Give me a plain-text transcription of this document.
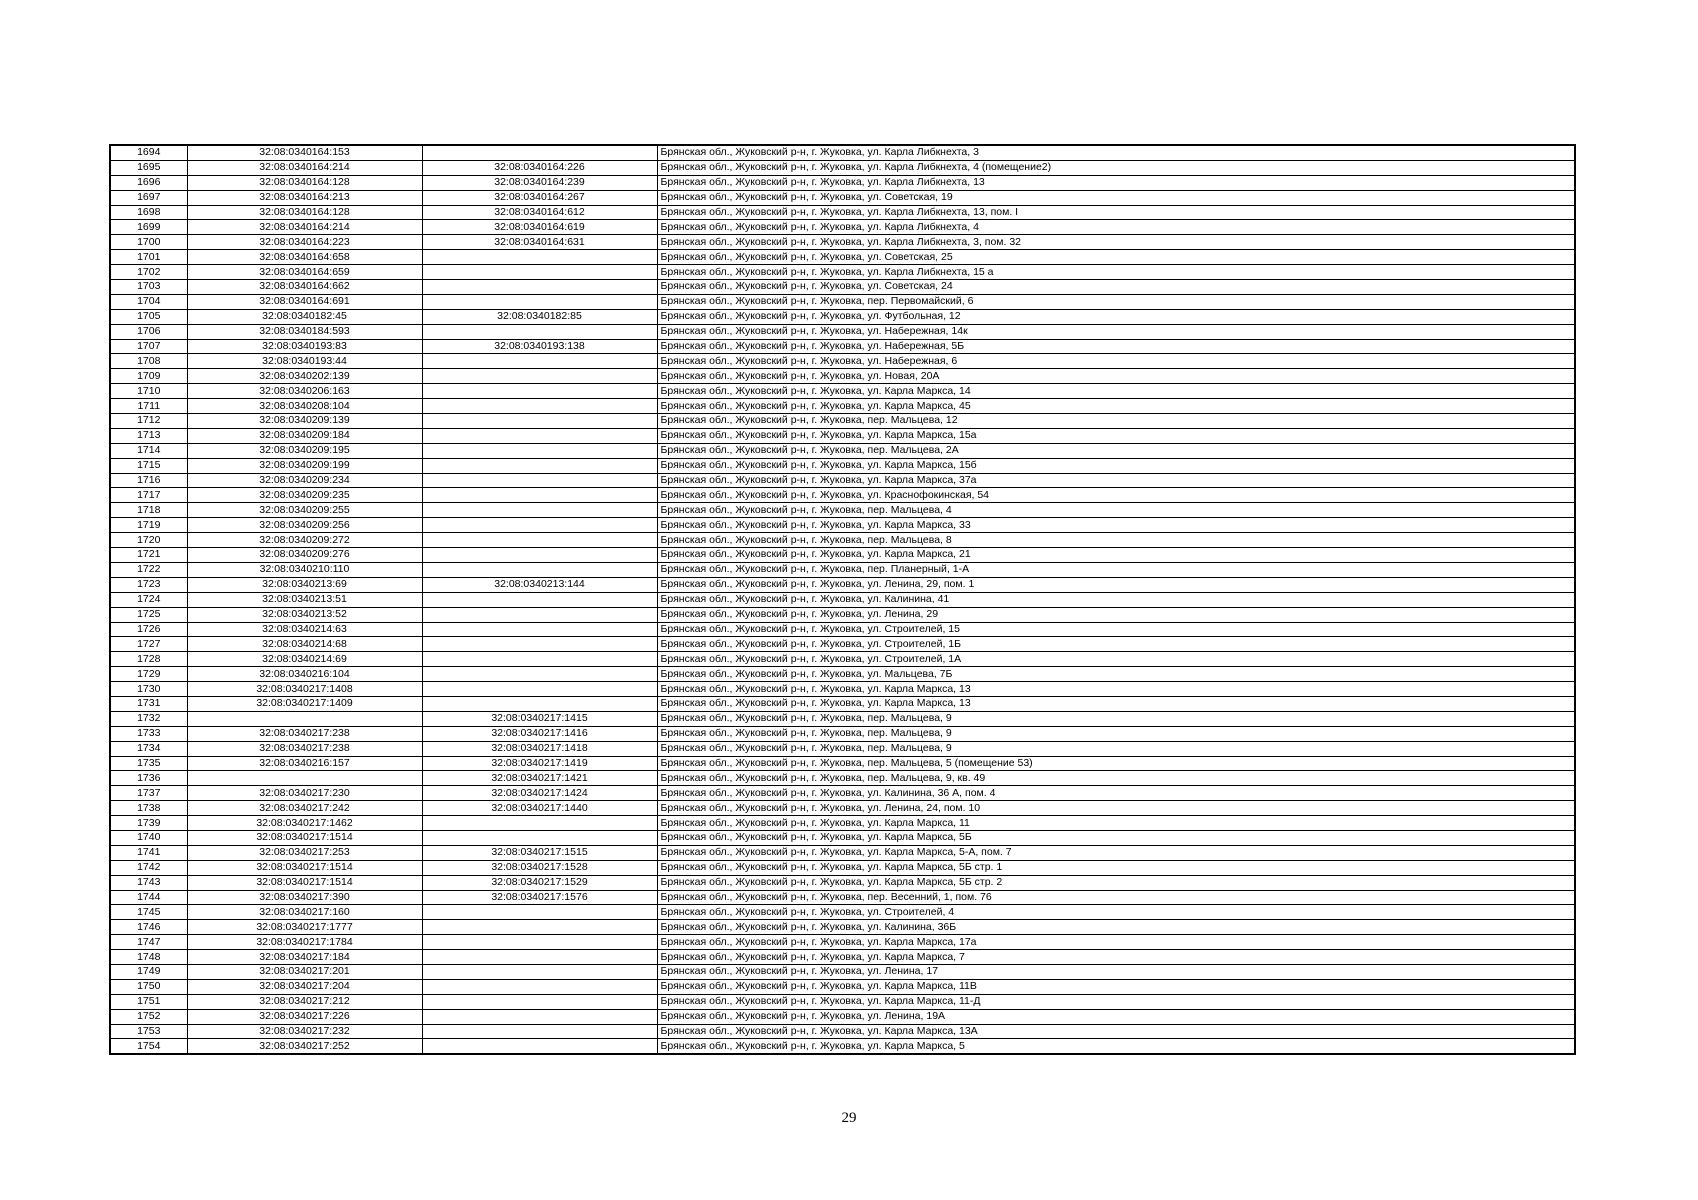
1694	32:08:0340164:153		Брянская обл., Жуковский р-н, г. Жуковка, ул. Карла Либкнехта, 3
1695	32:08:0340164:214	32:08:0340164:226	Брянская обл., Жуковский р-н, г. Жуковка, ул. Карла Либкнехта, 4 (помещение2)
1696	32:08:0340164:128	32:08:0340164:239	Брянская обл., Жуковский р-н, г. Жуковка, ул. Карла Либкнехта, 13
1697	32:08:0340164:213	32:08:0340164:267	Брянская обл., Жуковский р-н, г. Жуковка, ул. Советская, 19
1698	32:08:0340164:128	32:08:0340164:612	Брянская обл., Жуковский р-н, г. Жуковка, ул. Карла Либкнехта, 13, пом. I
1699	32:08:0340164:214	32:08:0340164:619	Брянская обл., Жуковский р-н, г. Жуковка, ул. Карла Либкнехта, 4
1700	32:08:0340164:223	32:08:0340164:631	Брянская обл., Жуковский р-н, г. Жуковка, ул. Карла Либкнехта, 3, пом. 32
1701	32:08:0340164:658		Брянская обл., Жуковский р-н, г. Жуковка, ул. Советская, 25
1702	32:08:0340164:659		Брянская обл., Жуковский р-н, г. Жуковка, ул. Карла Либкнехта, 15 а
1703	32:08:0340164:662		Брянская обл., Жуковский р-н, г. Жуковка, ул. Советская, 24
1704	32:08:0340164:691		Брянская обл., Жуковский р-н, г. Жуковка, пер. Первомайский, 6
1705	32:08:0340182:45	32:08:0340182:85	Брянская обл., Жуковский р-н, г. Жуковка, ул. Футбольная, 12
1706	32:08:0340184:593		Брянская обл., Жуковский р-н, г. Жуковка, ул. Набережная, 14к
1707	32:08:0340193:83	32:08:0340193:138	Брянская обл., Жуковский р-н, г. Жуковка, ул. Набережная, 5Б
1708	32:08:0340193:44		Брянская обл., Жуковский р-н, г. Жуковка, ул. Набережная, 6
1709	32:08:0340202:139		Брянская обл., Жуковский р-н, г. Жуковка, ул. Новая, 20А
1710	32:08:0340206:163		Брянская обл., Жуковский р-н, г. Жуковка, ул. Карла Маркса, 14
1711	32:08:0340208:104		Брянская обл., Жуковский р-н, г. Жуковка, ул. Карла Маркса, 45
1712	32:08:0340209:139		Брянская обл., Жуковский р-н, г. Жуковка, пер. Мальцева, 12
1713	32:08:0340209:184		Брянская обл., Жуковский р-н, г. Жуковка, ул. Карла Маркса, 15а
1714	32:08:0340209:195		Брянская обл., Жуковский р-н, г. Жуковка, пер. Мальцева, 2А
1715	32:08:0340209:199		Брянская обл., Жуковский р-н, г. Жуковка, ул. Карла Маркса, 15б
1716	32:08:0340209:234		Брянская обл., Жуковский р-н, г. Жуковка, ул. Карла Маркса, 37а
1717	32:08:0340209:235		Брянская обл., Жуковский р-н, г. Жуковка, ул. Краснофокинская, 54
1718	32:08:0340209:255		Брянская обл., Жуковский р-н, г. Жуковка, пер. Мальцева, 4
1719	32:08:0340209:256		Брянская обл., Жуковский р-н, г. Жуковка, ул. Карла Маркса, 33
1720	32:08:0340209:272		Брянская обл., Жуковский р-н, г. Жуковка, пер. Мальцева, 8
1721	32:08:0340209:276		Брянская обл., Жуковский р-н, г. Жуковка, ул. Карла Маркса, 21
1722	32:08:0340210:110		Брянская обл., Жуковский р-н, г. Жуковка, пер. Планерный, 1-А
1723	32:08:0340213:69	32:08:0340213:144	Брянская обл., Жуковский р-н, г. Жуковка, ул. Ленина, 29, пом. 1
1724	32:08:0340213:51		Брянская обл., Жуковский р-н, г. Жуковка, ул. Калинина, 41
1725	32:08:0340213:52		Брянская обл., Жуковский р-н, г. Жуковка, ул. Ленина, 29
1726	32:08:0340214:63		Брянская обл., Жуковский р-н, г. Жуковка, ул. Строителей, 15
1727	32:08:0340214:68		Брянская обл., Жуковский р-н, г. Жуковка, ул. Строителей, 1Б
1728	32:08:0340214:69		Брянская обл., Жуковский р-н, г. Жуковка, ул. Строителей, 1А
1729	32:08:0340216:104		Брянская обл., Жуковский р-н, г. Жуковка, ул. Мальцева, 7Б
1730	32:08:0340217:1408		Брянская обл., Жуковский р-н, г. Жуковка, ул. Карла Маркса, 13
1731	32:08:0340217:1409		Брянская обл., Жуковский р-н, г. Жуковка, ул. Карла Маркса, 13
1732		32:08:0340217:1415	Брянская обл., Жуковский р-н, г. Жуковка, пер. Мальцева, 9
1733	32:08:0340217:238	32:08:0340217:1416	Брянская обл., Жуковский р-н, г. Жуковка, пер. Мальцева, 9
1734	32:08:0340217:238	32:08:0340217:1418	Брянская обл., Жуковский р-н, г. Жуковка, пер. Мальцева, 9
1735	32:08:0340216:157	32:08:0340217:1419	Брянская обл., Жуковский р-н, г. Жуковка, пер. Мальцева, 5 (помещение 53)
1736		32:08:0340217:1421	Брянская обл., Жуковский р-н, г. Жуковка, пер. Мальцева, 9, кв. 49
1737	32:08:0340217:230	32:08:0340217:1424	Брянская обл., Жуковский р-н, г. Жуковка, ул. Калинина, 36 А, пом. 4
1738	32:08:0340217:242	32:08:0340217:1440	Брянская обл., Жуковский р-н, г. Жуковка, ул. Ленина, 24, пом. 10
1739	32:08:0340217:1462		Брянская обл., Жуковский р-н, г. Жуковка, ул. Карла Маркса, 11
1740	32:08:0340217:1514		Брянская обл., Жуковский р-н, г. Жуковка, ул. Карла Маркса, 5Б
1741	32:08:0340217:253	32:08:0340217:1515	Брянская обл., Жуковский р-н, г. Жуковка, ул. Карла Маркса, 5-А, пом. 7
1742	32:08:0340217:1514	32:08:0340217:1528	Брянская обл., Жуковский р-н, г. Жуковка, ул. Карла Маркса, 5Б стр. 1
1743	32:08:0340217:1514	32:08:0340217:1529	Брянская обл., Жуковский р-н, г. Жуковка, ул. Карла Маркса, 5Б стр. 2
1744	32:08:0340217:390	32:08:0340217:1576	Брянская обл., Жуковский р-н, г. Жуковка, пер. Весенний, 1, пом. 76
1745	32:08:0340217:160		Брянская обл., Жуковский р-н, г. Жуковка, ул. Строителей, 4
1746	32:08:0340217:1777		Брянская обл., Жуковский р-н, г. Жуковка, ул. Калинина, 36Б
1747	32:08:0340217:1784		Брянская обл., Жуковский р-н, г. Жуковка, ул. Карла Маркса, 17а
1748	32:08:0340217:184		Брянская обл., Жуковский р-н, г. Жуковка, ул. Карла Маркса, 7
1749	32:08:0340217:201		Брянская обл., Жуковский р-н, г. Жуковка, ул. Ленина, 17
1750	32:08:0340217:204		Брянская обл., Жуковский р-н, г. Жуковка, ул. Карла Маркса, 11В
1751	32:08:0340217:212		Брянская обл., Жуковский р-н, г. Жуковка, ул. Карла Маркса, 11-Д
1752	32:08:0340217:226		Брянская обл., Жуковский р-н, г. Жуковка, ул. Ленина, 19А
1753	32:08:0340217:232		Брянская обл., Жуковский р-н, г. Жуковка, ул. Карла Маркса, 13А
1754	32:08:0340217:252		Брянская обл., Жуковский р-н, г. Жуковка, ул. Карла Маркса, 5
29
